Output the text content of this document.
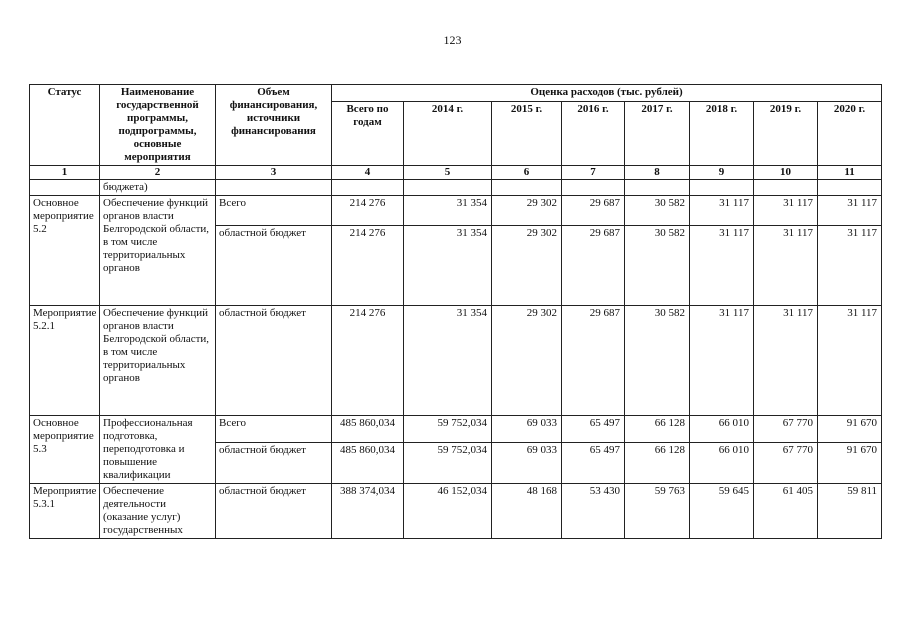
123
Статус	Наименование государственной программы, подпрограммы, основные мероприятия	Объем финансирования, источники финансирования	Оценка расходов (тыс. рублей)							
			Всего по годам	2014 г.	2015 г.	2016 г.	2017 г.	2018 г.	2019 г.	2020 г.
1	2	3	4	5	6	7	8	9	10	11
	бюджета)									
Основное мероприятие 5.2	Обеспечение функций органов власти Белгородской области, в том числе территориальных органов	Всего	214 276	31 354	29 302	29 687	30 582	31 117	31 117	31 117
		областной бюджет	214 276	31 354	29 302	29 687	30 582	31 117	31 117	31 117
Мероприятие 5.2.1	Обеспечение функций органов власти Белгородской области, в том числе территориальных органов	областной бюджет	214 276	31 354	29 302	29 687	30 582	31 117	31 117	31 117
Основное мероприятие 5.3	Профессиональная подготовка, переподготовка и повышение квалификации	Всего	485 860,034	59 752,034	69 033	65 497	66 128	66 010	67 770	91 670
		областной бюджет	485 860,034	59 752,034	69 033	65 497	66 128	66 010	67 770	91 670
Мероприятие 5.3.1	Обеспечение деятельности (оказание услуг) государственных	областной бюджет	388 374,034	46 152,034	48 168	53 430	59 763	59 645	61 405	59 811
